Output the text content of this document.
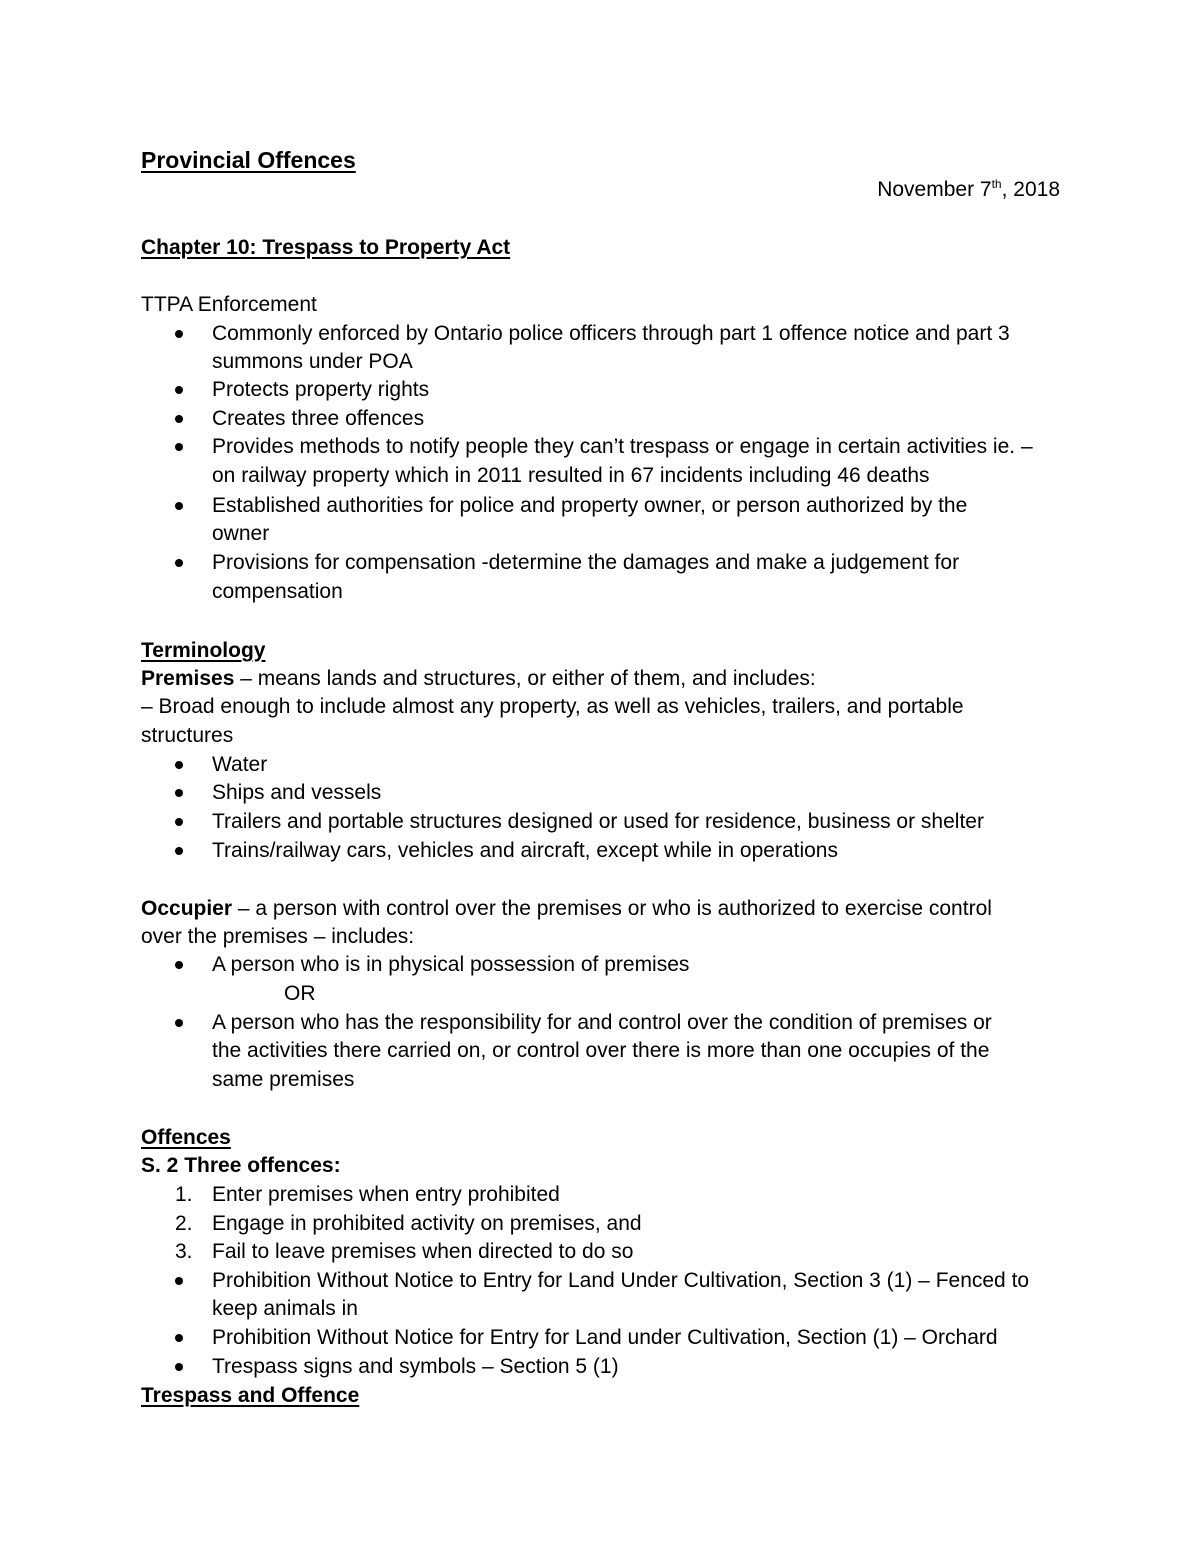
Provincial Offences
November 7th, 2018
Chapter 10: Trespass to Property Act
TTPA Enforcement
Commonly enforced by Ontario police officers through part 1 offence notice and part 3
summons under POA
Protects property rights
Creates three offences
Provides methods to notify people they can’t trespass or engage in certain activities ie. –
on railway property which in 2011 resulted in 67 incidents including 46 deaths
Established authorities for police and property owner, or person authorized by the
owner
Provisions for compensation -determine the damages and make a judgement for
compensation
Terminology
Premises – means lands and structures, or either of them, and includes:
– Broad enough to include almost any property, as well as vehicles, trailers, and portable
structures
Water
Ships and vessels
Trailers and portable structures designed or used for residence, business or shelter
Trains/railway cars, vehicles and aircraft, except while in operations
Occupier – a person with control over the premises or who is authorized to exercise control
over the premises – includes:
A person who is in physical possession of premises
OR
A person who has the responsibility for and control over the condition of premises or
the activities there carried on, or control over there is more than one occupies of the
same premises
Offences
S. 2 Three offences:
1. Enter premises when entry prohibited
2. Engage in prohibited activity on premises, and
3. Fail to leave premises when directed to do so
Prohibition Without Notice to Entry for Land Under Cultivation, Section 3 (1) – Fenced to
keep animals in
Prohibition Without Notice for Entry for Land under Cultivation, Section (1) – Orchard
Trespass signs and symbols – Section 5 (1)
Trespass and Offence
